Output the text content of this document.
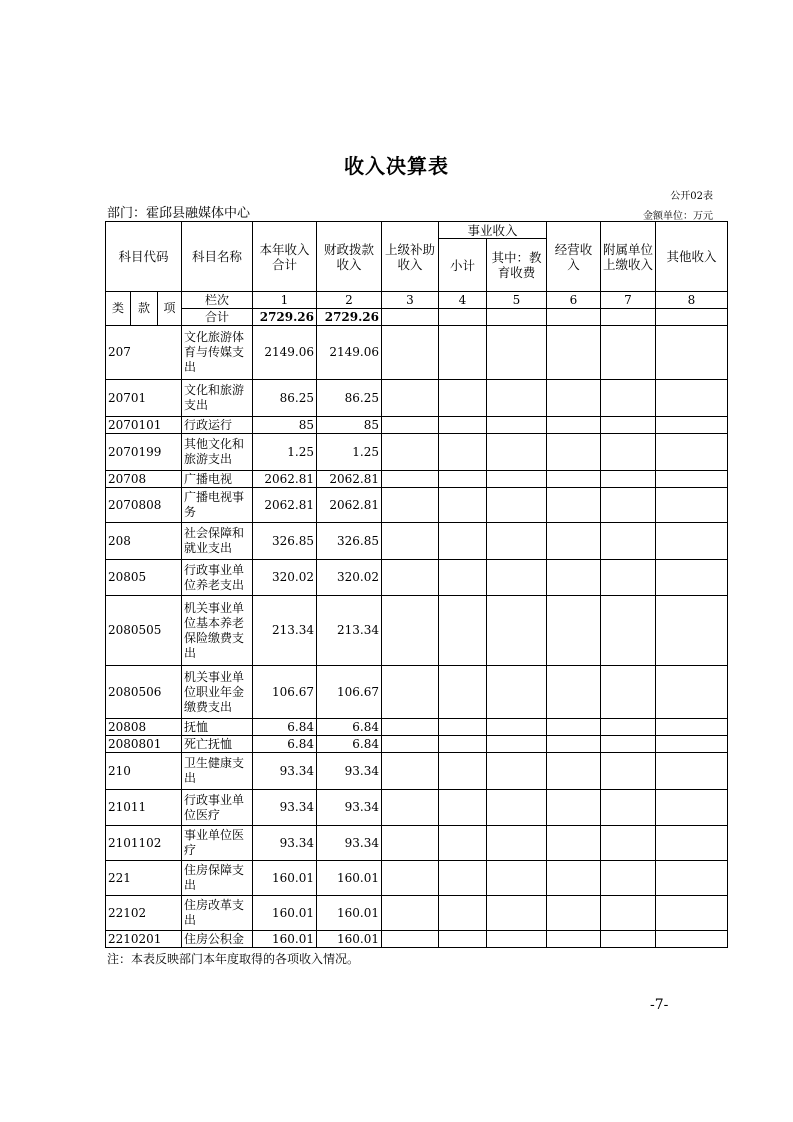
收入决算表
公开02表
部门：霍邱县融媒体中心	金额单位：万元
科目代码			科目名称	本年收入合计	财政拨款收入	上级补助收入	事业收入		经营收入	附属单位上缴收入	其他收入
							小计	其中：教育收费			
类	款	项	栏次	1	2	3	4	5	6	7	8
			合计	2729.26	2729.26						
207			文化旅游体育与传媒支出	2149.06	2149.06						
20701			文化和旅游支出	86.25	86.25						
2070101			行政运行	85	85						
2070199			其他文化和旅游支出	1.25	1.25						
20708			广播电视	2062.81	2062.81						
2070808			广播电视事务	2062.81	2062.81						
208			社会保障和就业支出	326.85	326.85						
20805			行政事业单位养老支出	320.02	320.02						
2080505			机关事业单位基本养老保险缴费支出	213.34	213.34						
2080506			机关事业单位职业年金缴费支出	106.67	106.67						
20808			抚恤	6.84	6.84						
2080801			死亡抚恤	6.84	6.84						
210			卫生健康支出	93.34	93.34						
21011			行政事业单位医疗	93.34	93.34						
2101102			事业单位医疗	93.34	93.34						
221			住房保障支出	160.01	160.01						
22102			住房改革支出	160.01	160.01						
2210201			住房公积金	160.01	160.01						
注：本表反映部门本年度取得的各项收入情况。
-7-
